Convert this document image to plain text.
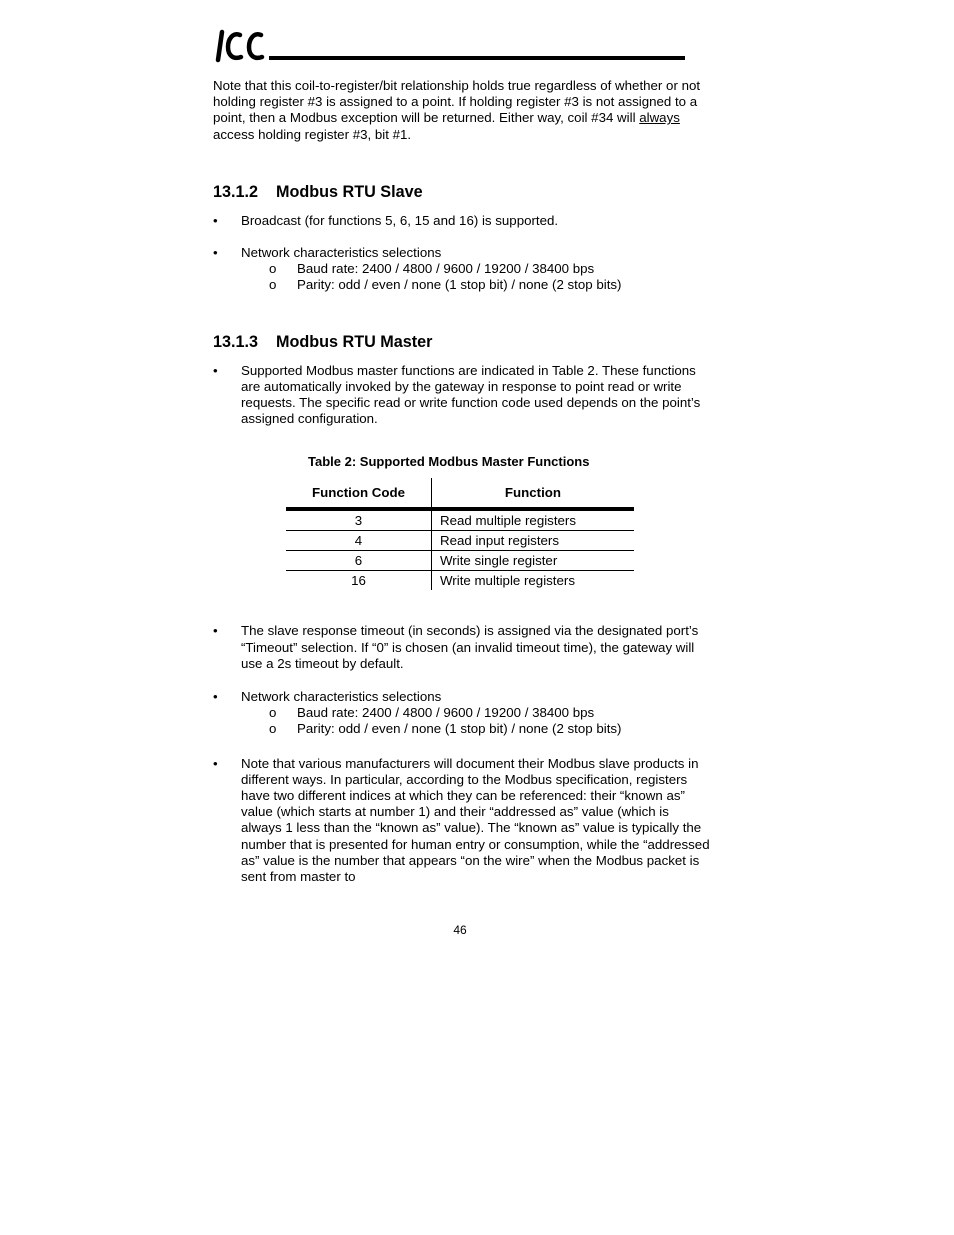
Note that this coil-to-register/bit relationship holds true regardless of whether or not holding register #3 is assigned to a point. If holding register #3 is not assigned to a point, then a Modbus exception will be returned. Either way, coil #34 will always access holding register #3, bit #1.

13.1.2 Modbus RTU Slave
•	Broadcast (for functions 5, 6, 15 and 16) is supported.
•	Network characteristics selections
o Baud rate: 2400 / 4800 / 9600 / 19200 / 38400 bps
o Parity: odd / even / none (1 stop bit) / none (2 stop bits)
13.1.3 Modbus RTU Master
•	Supported Modbus master functions are indicated in Table 2. These functions are automatically invoked by the gateway in response to point read or write requests. The specific read or write function code used depends on the point’s assigned configuration.
Table 2: Supported Modbus Master Functions
Function Code	Function
3	Read multiple registers
4	Read input registers
6	Write single register
16	Write multiple registers
•	The slave response timeout (in seconds) is assigned via the designated port’s “Timeout” selection. If “0” is chosen (an invalid timeout time), the gateway will use a 2s timeout by default.
•	Network characteristics selections
o Baud rate: 2400 / 4800 / 9600 / 19200 / 38400 bps
o Parity: odd / even / none (1 stop bit) / none (2 stop bits)
•	Note that various manufacturers will document their Modbus slave products in different ways. In particular, according to the Modbus specification, registers have two different indices at which they can be referenced: their “known as” value (which starts at number 1) and their “addressed as” value (which is always 1 less than the “known as” value). The “known as” value is typically the number that is presented for human entry or consumption, while the “addressed as” value is the number that appears “on the wire” when the Modbus packet is sent from master to
46
